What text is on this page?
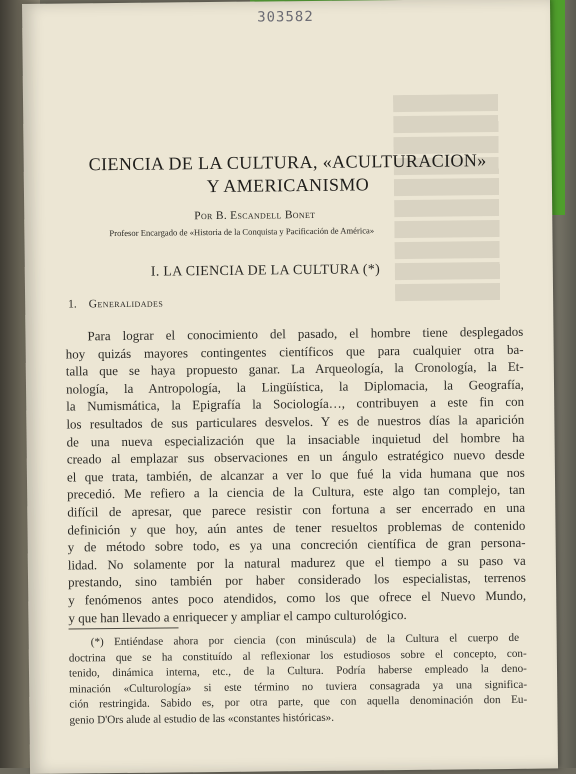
303582
CIENCIA DE LA CULTURA, «ACULTURACION»
Y AMERICANISMO
Por B. Escandell Bonet
Profesor Encargado de «Historia de la Conquista y Pacificación de América»
I. LA CIENCIA DE LA CULTURA (*)
1. Generalidades
Para lograr el conocimiento del pasado, el hombre tiene desplegados
hoy quizás mayores contingentes científicos que para cualquier otra ba-
talla que se haya propuesto ganar. La Arqueología, la Cronología, la Et-
nología, la Antropología, la Lingüística, la Diplomacia, la Geografía,
la Numismática, la Epigrafía la Sociología…, contribuyen a este fin con
los resultados de sus particulares desvelos. Y es de nuestros días la aparición
de una nueva especialización que la insaciable inquietud del hombre ha
creado al emplazar sus observaciones en un ángulo estratégico nuevo desde
el que trata, también, de alcanzar a ver lo que fué la vida humana que nos
precedió. Me refiero a la ciencia de la Cultura, este algo tan complejo, tan
difícil de apresar, que parece resistir con fortuna a ser encerrado en una
definición y que hoy, aún antes de tener resueltos problemas de contenido
y de método sobre todo, es ya una concreción científica de gran persona-
lidad. No solamente por la natural madurez que el tiempo a su paso va
prestando, sino también por haber considerado los especialistas, terrenos
y fenómenos antes poco atendidos, como los que ofrece el Nuevo Mundo,
y que han llevado a enriquecer y ampliar el campo culturológico.
(*) Entiéndase ahora por ciencia (con minúscula) de la Cultura el cuerpo de
doctrina que se ha constituído al reflexionar los estudiosos sobre el concepto, con-
tenido, dinámica interna, etc., de la Cultura. Podría haberse empleado la deno-
minación «Culturología» si este término no tuviera consagrada ya una significa-
ción restringida. Sabido es, por otra parte, que con aquella denominación don Eu-
genio D'Ors alude al estudio de las «constantes históricas».
